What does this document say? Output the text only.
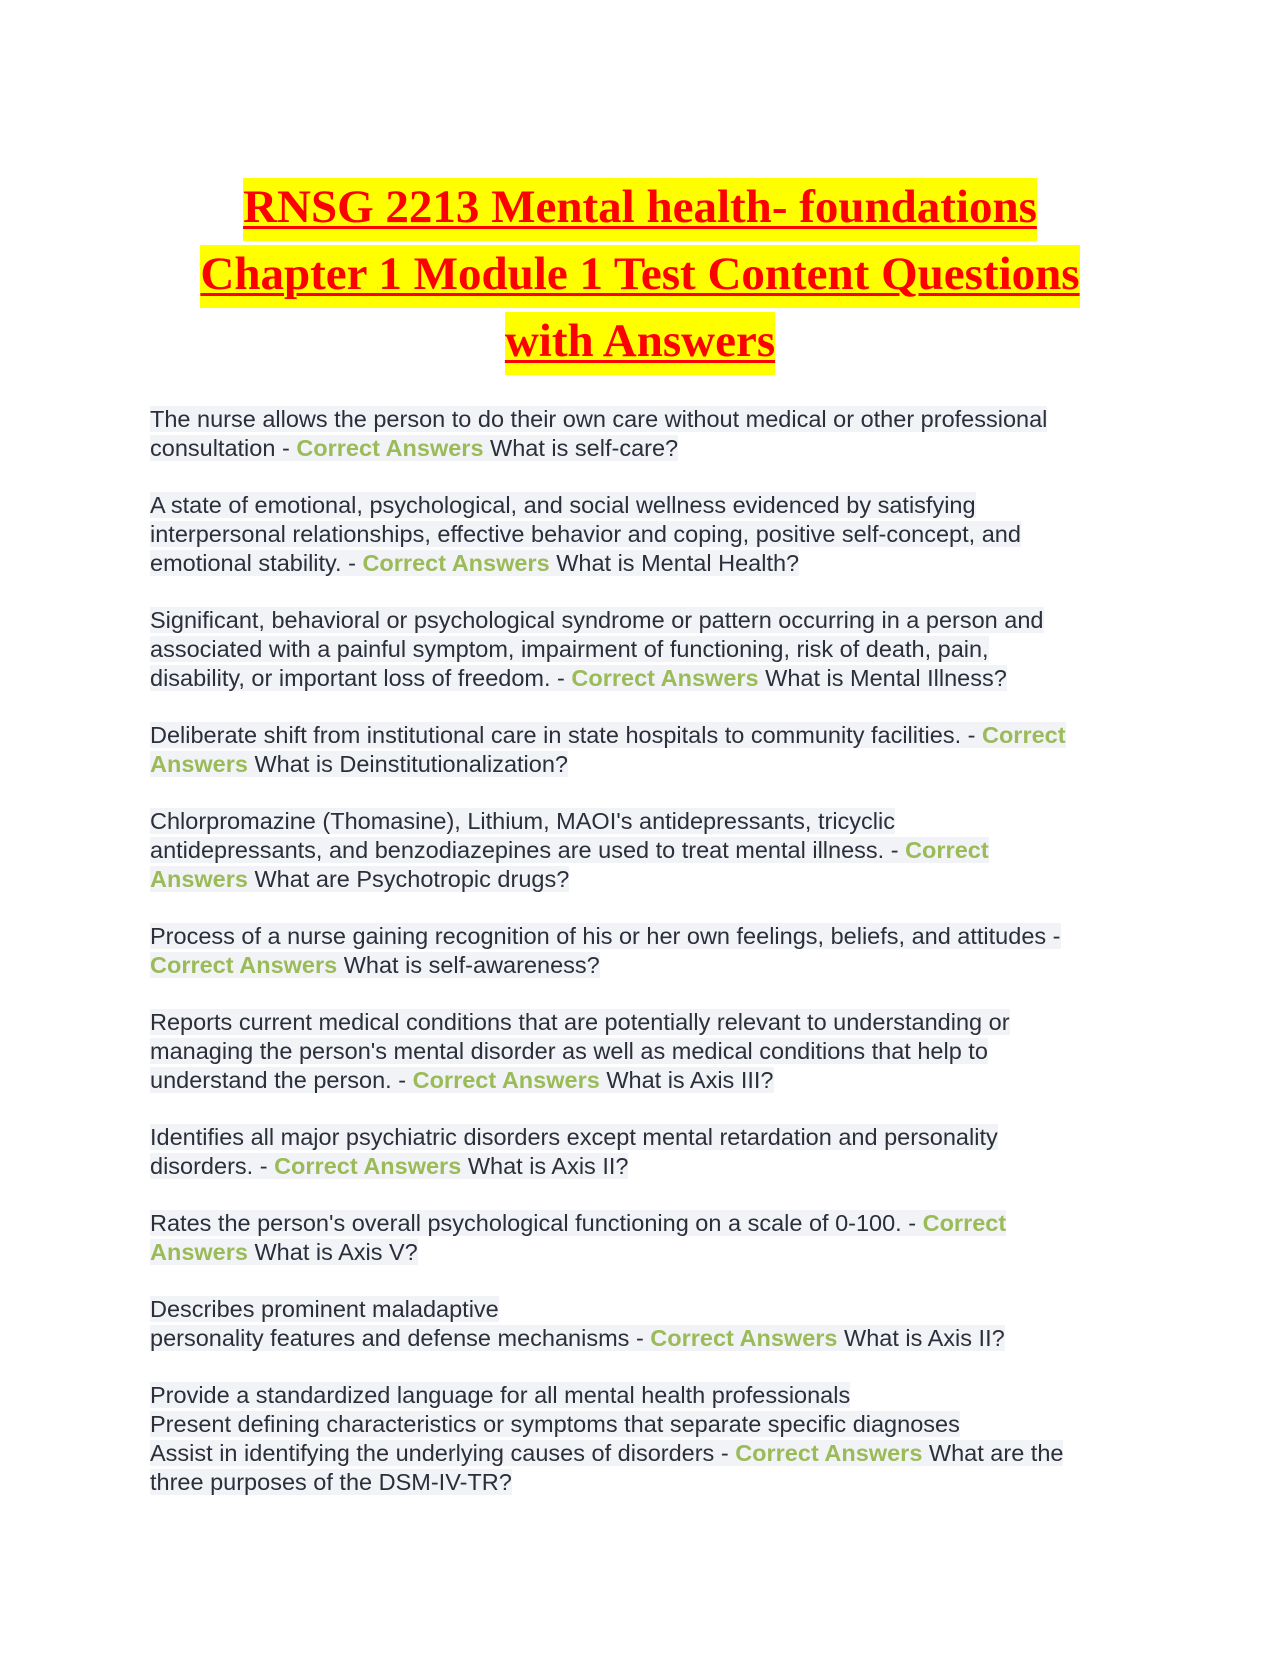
RNSG 2213 Mental health- foundations
Chapter 1 Module 1 Test Content Questions
with Answers
The nurse allows the person to do their own care without medical or other professional
consultation - Correct Answers What is self-care?
A state of emotional, psychological, and social wellness evidenced by satisfying
interpersonal relationships, effective behavior and coping, positive self-concept, and
emotional stability. - Correct Answers What is Mental Health?
Significant, behavioral or psychological syndrome or pattern occurring in a person and
associated with a painful symptom, impairment of functioning, risk of death, pain,
disability, or important loss of freedom. - Correct Answers What is Mental Illness?
Deliberate shift from institutional care in state hospitals to community facilities. - Correct
Answers What is Deinstitutionalization?
Chlorpromazine (Thomasine), Lithium, MAOI's antidepressants, tricyclic
antidepressants, and benzodiazepines are used to treat mental illness. - Correct
Answers What are Psychotropic drugs?
Process of a nurse gaining recognition of his or her own feelings, beliefs, and attitudes -
Correct Answers What is self-awareness?
Reports current medical conditions that are potentially relevant to understanding or
managing the person's mental disorder as well as medical conditions that help to
understand the person. - Correct Answers What is Axis III?
Identifies all major psychiatric disorders except mental retardation and personality
disorders. - Correct Answers What is Axis II?
Rates the person's overall psychological functioning on a scale of 0-100. - Correct
Answers What is Axis V?
Describes prominent maladaptive
personality features and defense mechanisms - Correct Answers What is Axis II?
Provide a standardized language for all mental health professionals
Present defining characteristics or symptoms that separate specific diagnoses
Assist in identifying the underlying causes of disorders - Correct Answers What are the
three purposes of the DSM-IV-TR?
